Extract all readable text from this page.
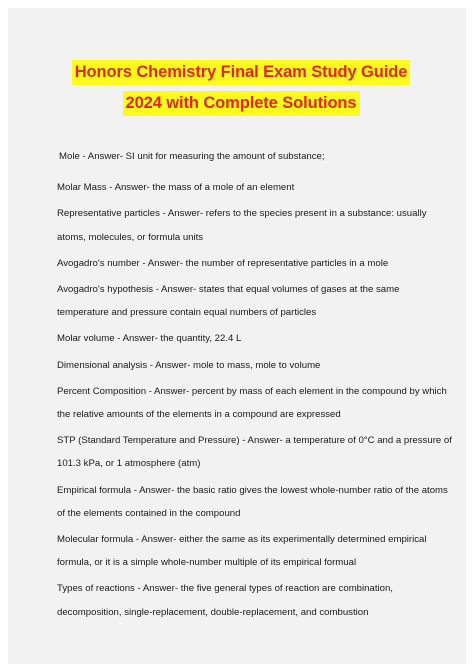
Honors Chemistry Final Exam Study Guide
2024 with Complete Solutions

Mole - Answer- SI unit for measuring the amount of substance;

Molar Mass - Answer- the mass of a mole of an element

Representative particles - Answer- refers to the species present in a substance: usually atoms, molecules, or formula units

Avogadro's number - Answer- the number of representative particles in a mole

Avogadro's hypothesis - Answer- states that equal volumes of gases at the same temperature and pressure contain equal numbers of particles

Molar volume - Answer- the quantity, 22.4 L

Dimensional analysis - Answer- mole to mass, mole to volume

Percent Composition - Answer- percent by mass of each element in the compound by which the relative amounts of the elements in a compound are expressed

STP (Standard Temperature and Pressure) - Answer- a temperature of 0°C and a pressure of 101.3 kPa, or 1 atmosphere (atm)

Empirical formula - Answer- the basic ratio gives the lowest whole-number ratio of the atoms of the elements contained in the compound

Molecular formula - Answer- either the same as its experimentally determined empirical formula, or it is a simple whole-number multiple of its empirical formual

Types of reactions - Answer- the five general types of reaction are combination, decomposition, single-replacement, double-replacement, and combustion
